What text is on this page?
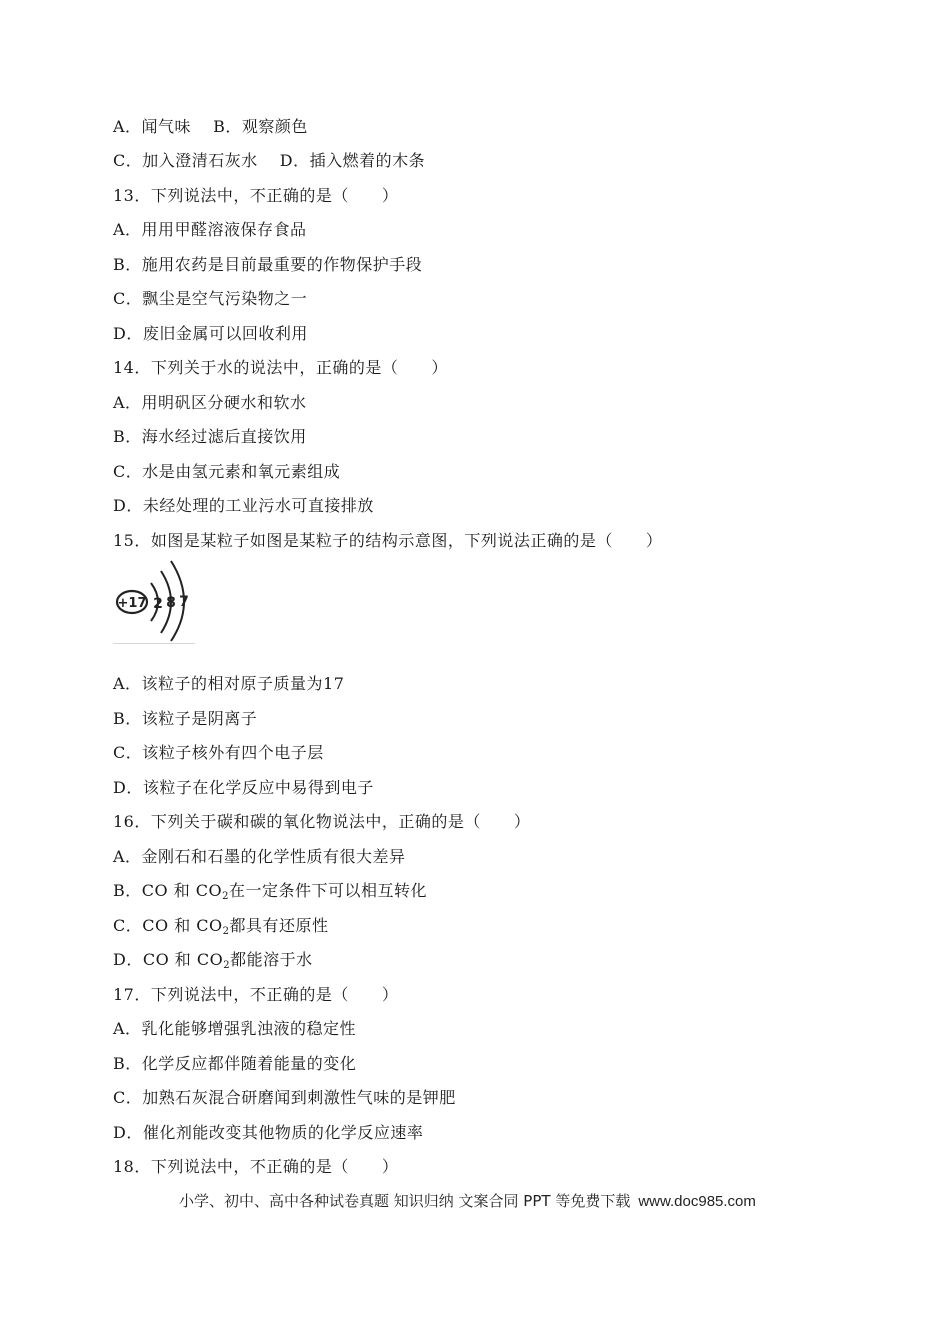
A．闻气味 B．观察颜色
C．加入澄清石灰水 D．插入燃着的木条
13．下列说法中，不正确的是（　　）
A．用用甲醛溶液保存食品
B．施用农药是目前最重要的作物保护手段
C．飘尘是空气污染物之一
D．废旧金属可以回收利用
14．下列关于水的说法中，正确的是（　　）
A．用明矾区分硬水和软水
B．海水经过滤后直接饮用
C．水是由氢元素和氧元素组成
D．未经处理的工业污水可直接排放
15．如图是某粒子如图是某粒子的结构示意图，下列说法正确的是（　　）
+17 2 8 7
A．该粒子的相对原子质量为17
B．该粒子是阴离子
C．该粒子核外有四个电子层
D．该粒子在化学反应中易得到电子
16．下列关于碳和碳的氧化物说法中，正确的是（　　）
A．金刚石和石墨的化学性质有很大差异
B．CO 和 $CO_2$在一定条件下可以相互转化
C．CO 和 $CO_2$都具有还原性
D．CO 和 $CO_2$都能溶于水
17．下列说法中，不正确的是（　　）
A．乳化能够增强乳浊液的稳定性
B．化学反应都伴随着能量的变化
C．加熟石灰混合研磨闻到刺激性气味的是钾肥
D．催化剂能改变其他物质的化学反应速率
18．下列说法中，不正确的是（　　）
小学、初中、高中各种试卷真题 知识归纳 文案合同 PPT 等免费下载 www.doc985.com
